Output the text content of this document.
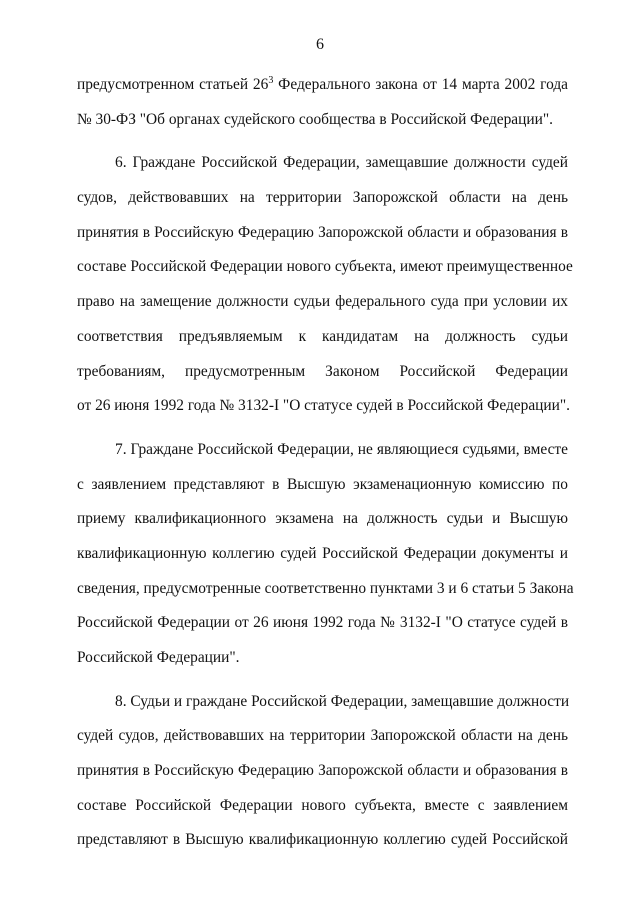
6
предусмотренном статьей $26^3$ Федерального закона от 14 марта 2002 года
№ 30-ФЗ "Об органах судейского сообщества в Российской Федерации".
6. Граждане Российской Федерации, замещавшие должности судей
судов, действовавших на территории Запорожской области на день
принятия в Российскую Федерацию Запорожской области и образования в
составе Российской Федерации нового субъекта, имеют преимущественное
право на замещение должности судьи федерального суда при условии их
соответствия предъявляемым к кандидатам на должность судьи
требованиям, предусмотренным Законом Российской Федерации
от 26 июня 1992 года № 3132-I "О статусе судей в Российской Федерации".
7. Граждане Российской Федерации, не являющиеся судьями, вместе
с заявлением представляют в Высшую экзаменационную комиссию по
приему квалификационного экзамена на должность судьи и Высшую
квалификационную коллегию судей Российской Федерации документы и
сведения, предусмотренные соответственно пунктами 3 и 6 статьи 5 Закона
Российской Федерации от 26 июня 1992 года № 3132-I "О статусе судей в
Российской Федерации".
8. Судьи и граждане Российской Федерации, замещавшие должности
судей судов, действовавших на территории Запорожской области на день
принятия в Российскую Федерацию Запорожской области и образования в
составе Российской Федерации нового субъекта, вместе с заявлением
представляют в Высшую квалификационную коллегию судей Российской
